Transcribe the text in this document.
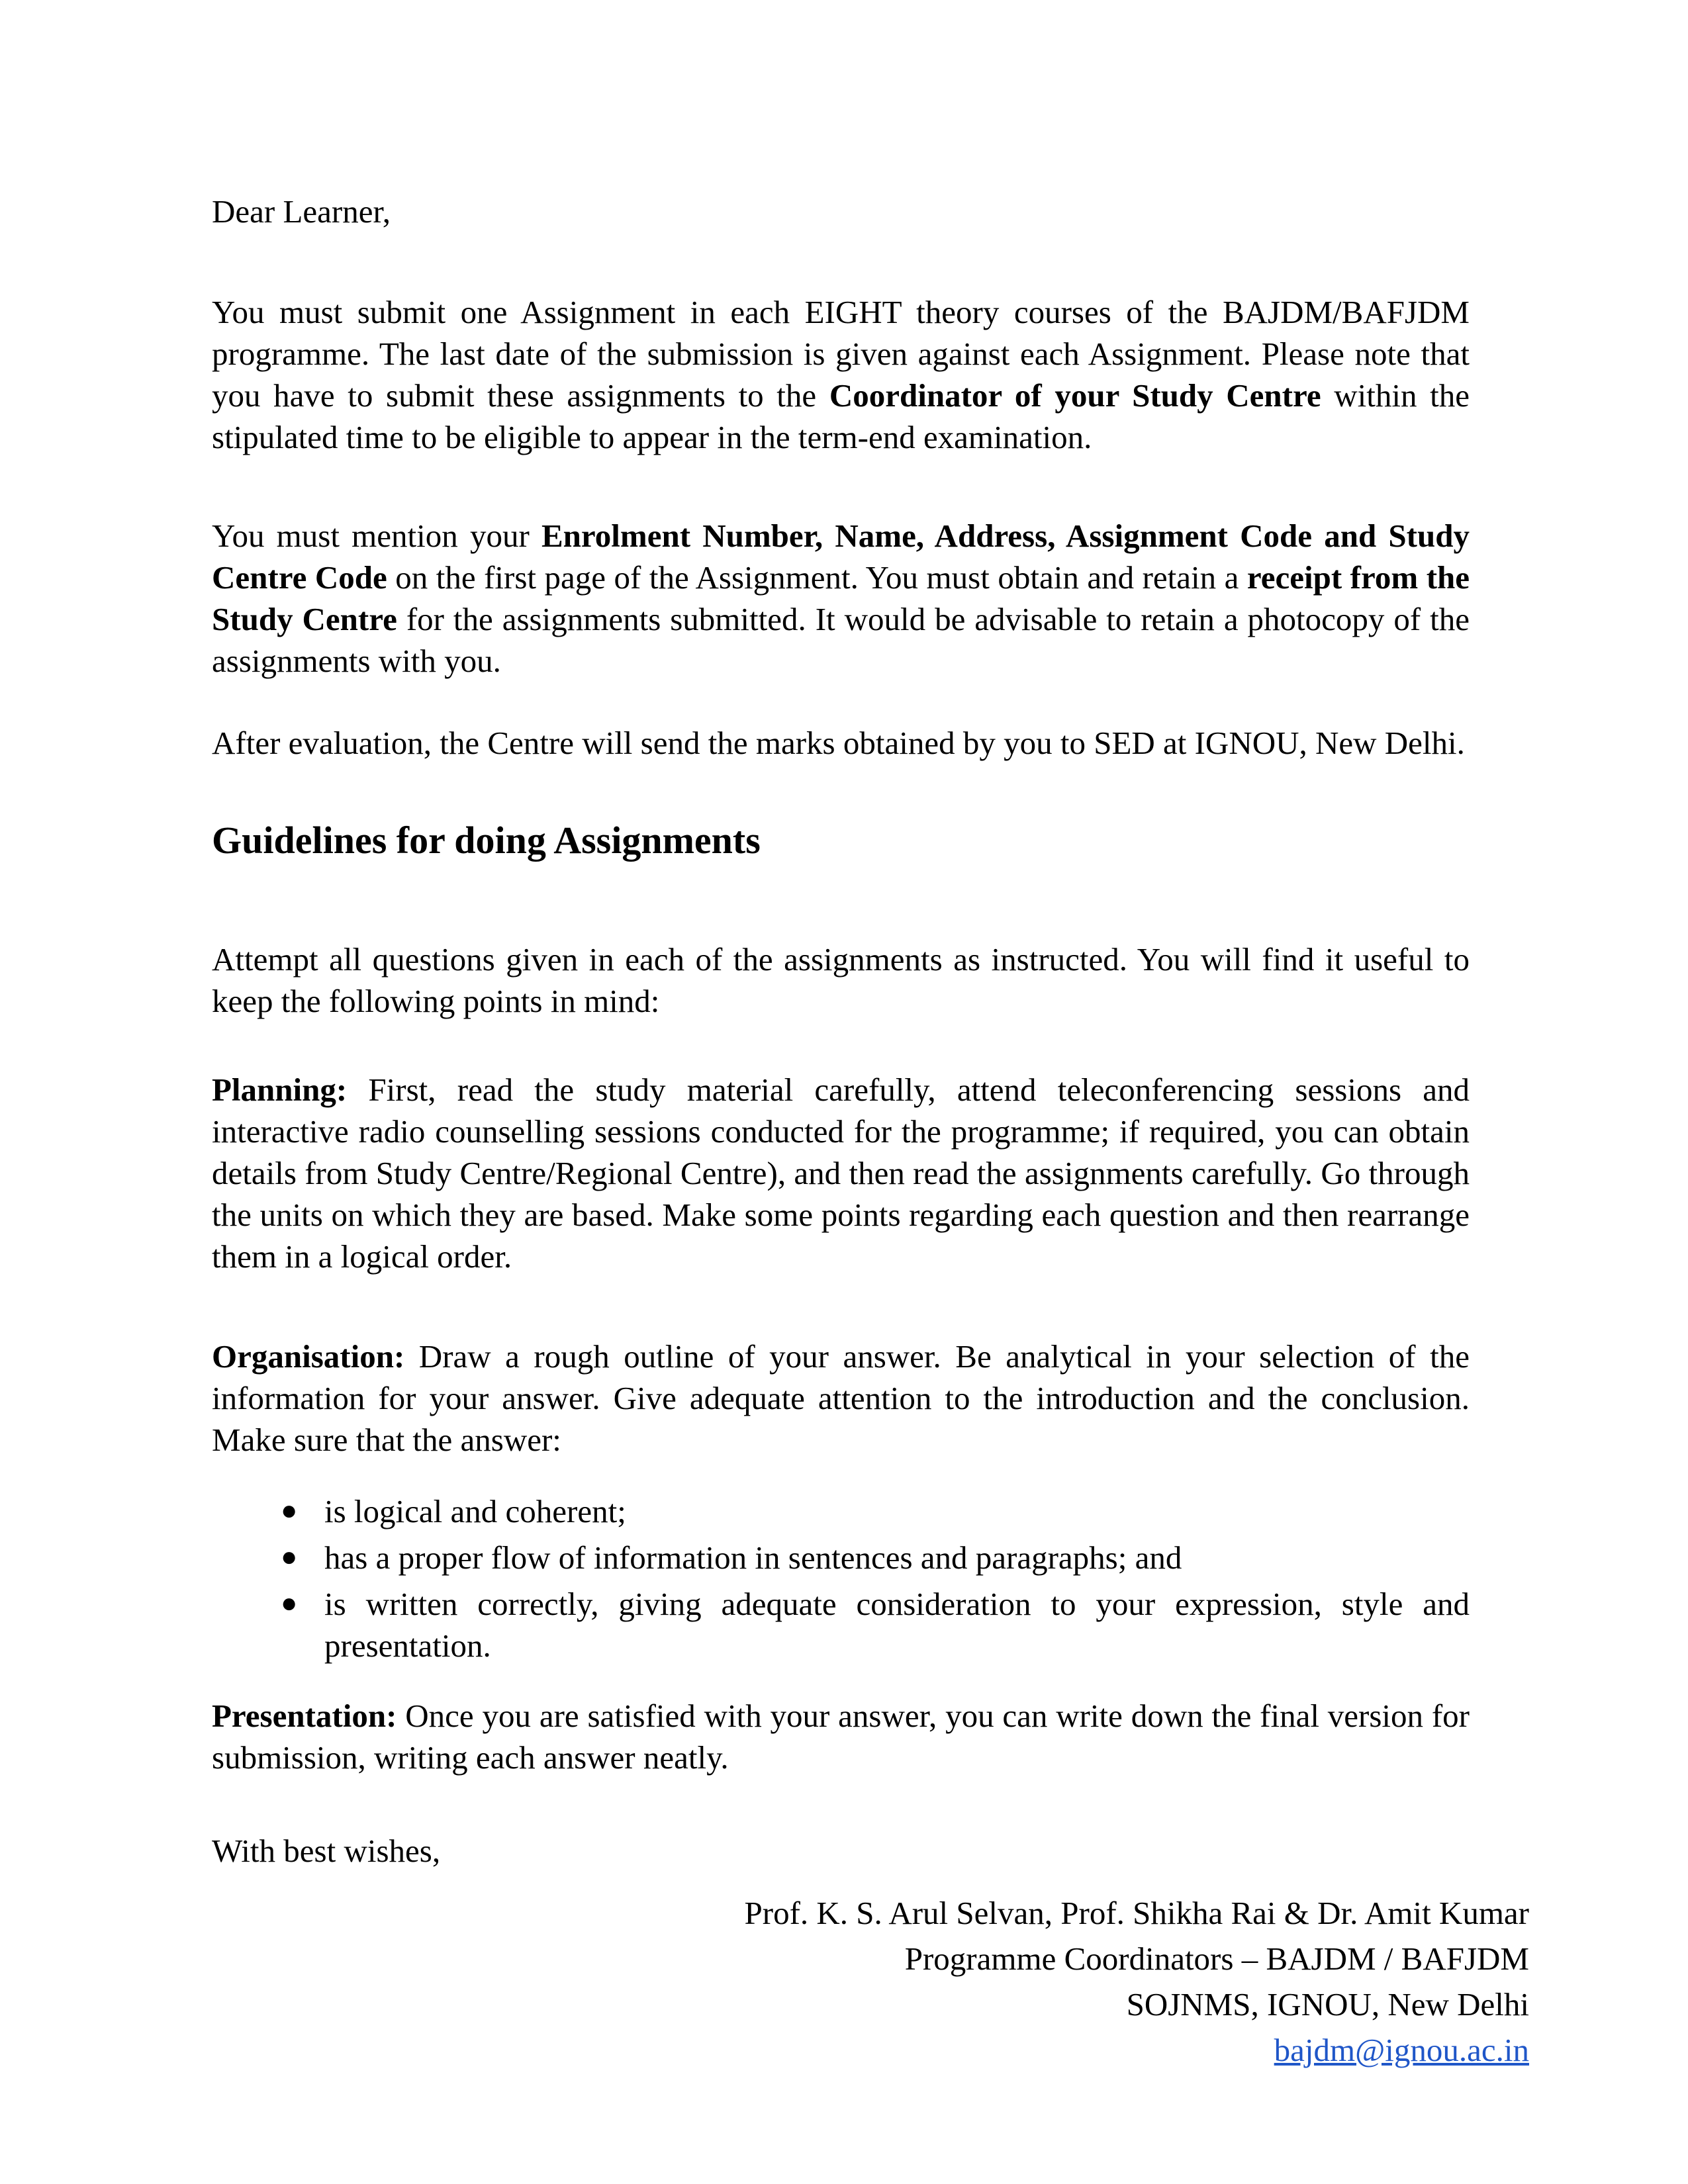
Dear Learner,

You must submit one Assignment in each EIGHT theory courses of the BAJDM/BAFJDM programme. The last date of the submission is given against each Assignment. Please note that you have to submit these assignments to the Coordinator of your Study Centre within the stipulated time to be eligible to appear in the term-end examination.

You must mention your Enrolment Number, Name, Address, Assignment Code and Study Centre Code on the first page of the Assignment. You must obtain and retain a receipt from the Study Centre for the assignments submitted. It would be advisable to retain a photocopy of the assignments with you.

After evaluation, the Centre will send the marks obtained by you to SED at IGNOU, New Delhi.

Guidelines for doing Assignments

Attempt all questions given in each of the assignments as instructed. You will find it useful to keep the following points in mind:

Planning: First, read the study material carefully, attend teleconferencing sessions and interactive radio counselling sessions conducted for the programme; if required, you can obtain details from Study Centre/Regional Centre), and then read the assignments carefully. Go through the units on which they are based. Make some points regarding each question and then rearrange them in a logical order.

Organisation: Draw a rough outline of your answer. Be analytical in your selection of the information for your answer. Give adequate attention to the introduction and the conclusion. Make sure that the answer:

● is logical and coherent;
● has a proper flow of information in sentences and paragraphs; and
● is written correctly, giving adequate consideration to your expression, style and presentation.

Presentation: Once you are satisfied with your answer, you can write down the final version for submission, writing each answer neatly.

With best wishes,

Prof. K. S. Arul Selvan, Prof. Shikha Rai & Dr. Amit Kumar

Programme Coordinators – BAJDM / BAFJDM

SOJNMS, IGNOU, New Delhi

bajdm@ignou.ac.in
